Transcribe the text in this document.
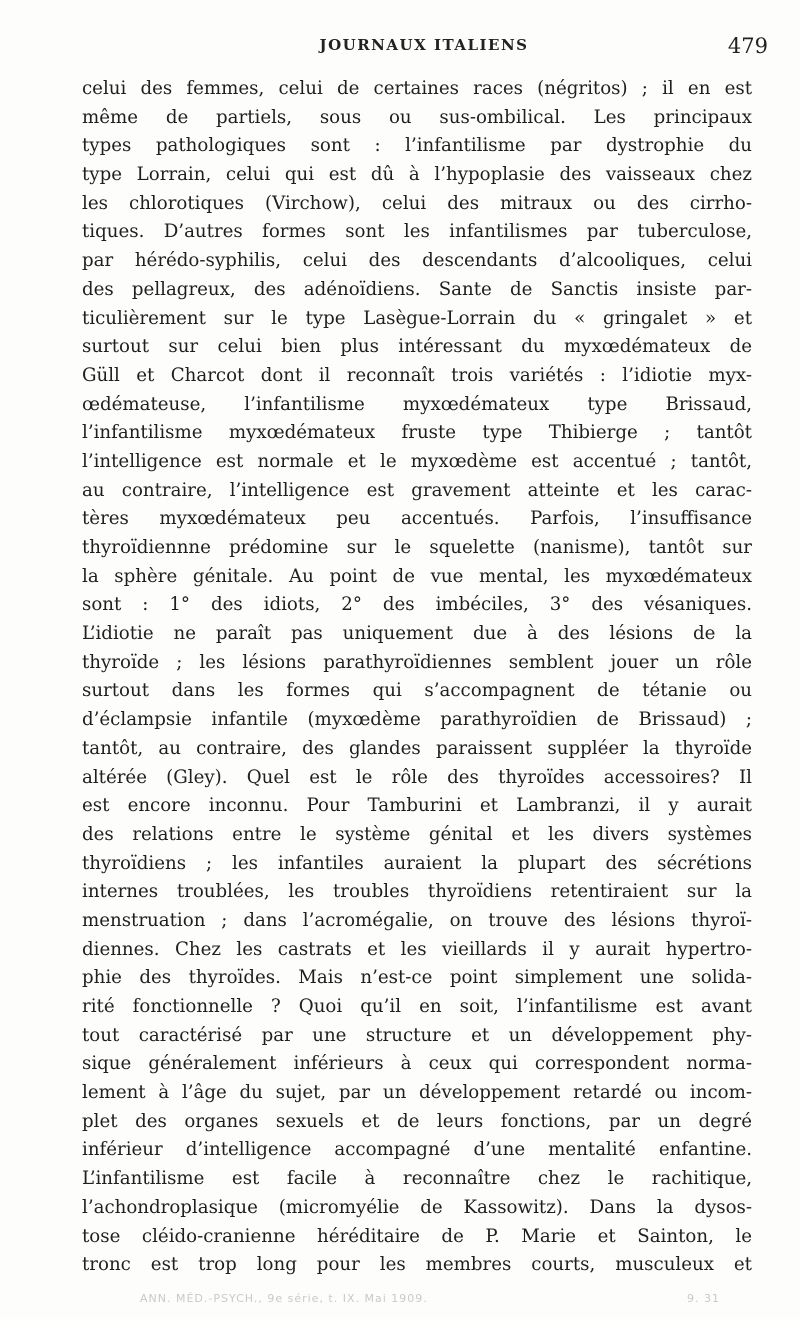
JOURNAUX ITALIENS	479
celui des femmes, celui de certaines races (négritos) ; il en est
même de partiels, sous ou sus-ombilical. Les principaux
types pathologiques sont : l’infantilisme par dystrophie du
type Lorrain, celui qui est dû à l’hypoplasie des vaisseaux chez
les chlorotiques (Virchow), celui des mitraux ou des cirrho-
tiques. D’autres formes sont les infantilismes par tuberculose,
par hérédo-syphilis, celui des descendants d’alcooliques, celui
des pellagreux, des adénoïdiens. Sante de Sanctis insiste par-
ticulièrement sur le type Lasègue-Lorrain du « gringalet » et
surtout sur celui bien plus intéressant du myxœdémateux de
Güll et Charcot dont il reconnaît trois variétés : l’idiotie myx-
œdémateuse, l’infantilisme myxœdémateux type Brissaud,
l’infantilisme myxœdémateux fruste type Thibierge ; tantôt
l’intelligence est normale et le myxœdème est accentué ; tantôt,
au contraire, l’intelligence est gravement atteinte et les carac-
tères myxœdémateux peu accentués. Parfois, l’insuffisance
thyroïdiennne prédomine sur le squelette (nanisme), tantôt sur
la sphère génitale. Au point de vue mental, les myxœdémateux
sont : 1° des idiots, 2° des imbéciles, 3° des vésaniques.
L’idiotie ne paraît pas uniquement due à des lésions de la
thyroïde ; les lésions parathyroïdiennes semblent jouer un rôle
surtout dans les formes qui s’accompagnent de tétanie ou
d’éclampsie infantile (myxœdème parathyroïdien de Brissaud) ;
tantôt, au contraire, des glandes paraissent suppléer la thyroïde
altérée (Gley). Quel est le rôle des thyroïdes accessoires? Il
est encore inconnu. Pour Tamburini et Lambranzi, il y aurait
des relations entre le système génital et les divers systèmes
thyroïdiens ; les infantiles auraient la plupart des sécrétions
internes troublées, les troubles thyroïdiens retentiraient sur la
menstruation ; dans l’acromégalie, on trouve des lésions thyroï-
diennes. Chez les castrats et les vieillards il y aurait hypertro-
phie des thyroïdes. Mais n’est-ce point simplement une solida-
rité fonctionnelle ? Quoi qu’il en soit, l’infantilisme est avant
tout caractérisé par une structure et un développement phy-
sique généralement inférieurs à ceux qui correspondent norma-
lement à l’âge du sujet, par un développement retardé ou incom-
plet des organes sexuels et de leurs fonctions, par un degré
inférieur d’intelligence accompagné d’une mentalité enfantine.
L’infantilisme est facile à reconnaître chez le rachitique,
l’achondroplasique (micromyélie de Kassowitz). Dans la dysos-
tose cléido-cranienne héréditaire de P. Marie et Sainton, le
tronc est trop long pour les membres courts, musculeux et
ANN. MÉD.-PSYCH., 9e série, t. IX. Mai 1909.	9. 31
